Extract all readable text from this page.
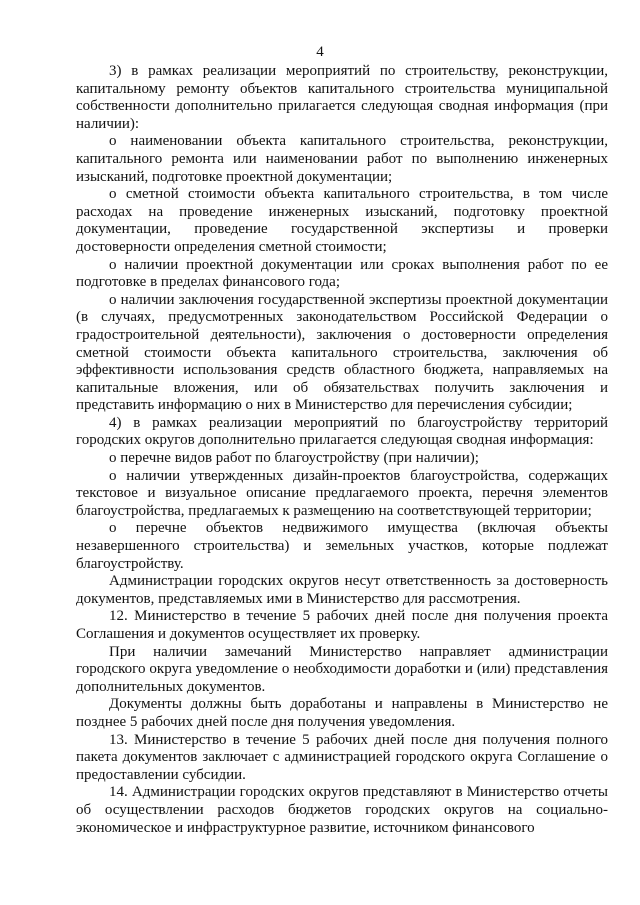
4

3) в рамках реализации мероприятий по строительству, реконструкции, капитальному ремонту объектов капитального строительства муниципальной собственности дополнительно прилагается следующая сводная информация (при наличии):

о наименовании объекта капитального строительства, реконструкции, капитального ремонта или наименовании работ по выполнению инженерных изысканий, подготовке проектной документации;

о сметной стоимости объекта капитального строительства, в том числе расходах на проведение инженерных изысканий, подготовку проектной документации, проведение государственной экспертизы и проверки достоверности определения сметной стоимости;

о наличии проектной документации или сроках выполнения работ по ее подготовке в пределах финансового года;

о наличии заключения государственной экспертизы проектной документации (в случаях, предусмотренных законодательством Российской Федерации о градостроительной деятельности), заключения о достоверности определения сметной стоимости объекта капитального строительства, заключения об эффективности использования средств областного бюджета, направляемых на капитальные вложения, или об обязательствах получить заключения и представить информацию о них в Министерство для перечисления субсидии;

4) в рамках реализации мероприятий по благоустройству территорий городских округов дополнительно прилагается следующая сводная информация:

о перечне видов работ по благоустройству (при наличии);

о наличии утвержденных дизайн-проектов благоустройства, содержащих текстовое и визуальное описание предлагаемого проекта, перечня элементов благоустройства, предлагаемых к размещению на соответствующей территории;

о перечне объектов недвижимого имущества (включая объекты незавершенного строительства) и земельных участков, которые подлежат благоустройству.

Администрации городских округов несут ответственность за достоверность документов, представляемых ими в Министерство для рассмотрения.

12. Министерство в течение 5 рабочих дней после дня получения проекта Соглашения и документов осуществляет их проверку.

При наличии замечаний Министерство направляет администрации городского округа уведомление о необходимости доработки и (или) представления дополнительных документов.

Документы должны быть доработаны и направлены в Министерство не позднее 5 рабочих дней после дня получения уведомления.

13. Министерство в течение 5 рабочих дней после дня получения полного пакета документов заключает с администрацией городского округа Соглашение о предоставлении субсидии.

14. Администрации городских округов представляют в Министерство отчеты об осуществлении расходов бюджетов городских округов на социально-экономическое и инфраструктурное развитие, источником финансового
